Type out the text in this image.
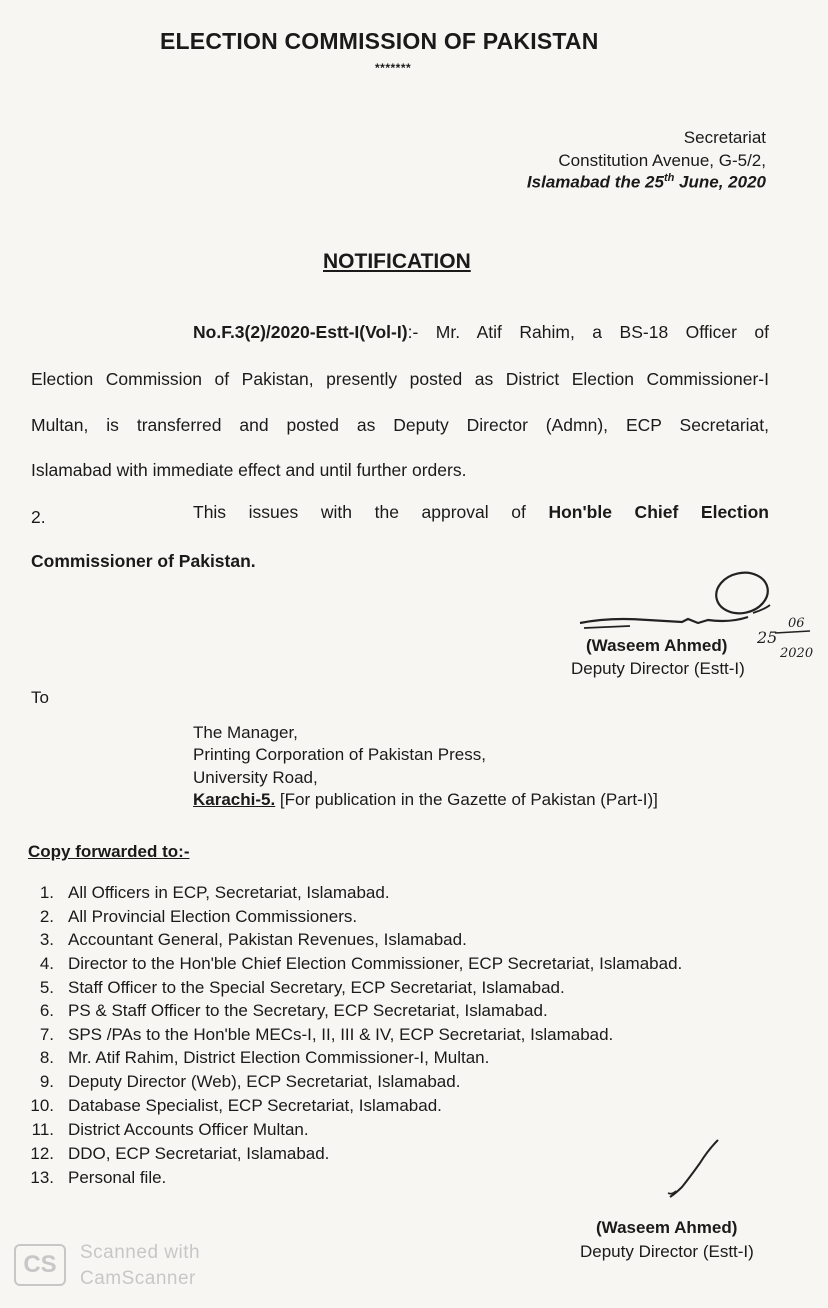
ELECTION COMMISSION OF PAKISTAN
*******
Secretariat
Constitution Avenue, G-5/2,
Islamabad the 25th June, 2020
NOTIFICATION
No.F.3(2)/2020-Estt-I(Vol-I):- Mr. Atif Rahim, a BS-18 Officer of
Election Commission of Pakistan, presently posted as District Election Commissioner-I
Multan, is transferred and posted as Deputy Director (Admn), ECP Secretariat,
Islamabad with immediate effect and until further orders.
2.	This issues with the approval of Hon'ble Chief Election
Commissioner of Pakistan.
25
06
2020
(Waseem Ahmed)
Deputy Director (Estt-I)
To
The Manager,
Printing Corporation of Pakistan Press,
University Road,
Karachi-5. [For publication in the Gazette of Pakistan (Part-I)]
Copy forwarded to:-
1. All Officers in ECP, Secretariat, Islamabad.
2. All Provincial Election Commissioners.
3. Accountant General, Pakistan Revenues, Islamabad.
4. Director to the Hon'ble Chief Election Commissioner, ECP Secretariat, Islamabad.
5. Staff Officer to the Special Secretary, ECP Secretariat, Islamabad.
6. PS & Staff Officer to the Secretary, ECP Secretariat, Islamabad.
7. SPS /PAs to the Hon'ble MECs-I, II, III & IV, ECP Secretariat, Islamabad.
8. Mr. Atif Rahim, District Election Commissioner-I, Multan.
9. Deputy Director (Web), ECP Secretariat, Islamabad.
10. Database Specialist, ECP Secretariat, Islamabad.
11. District Accounts Officer Multan.
12. DDO, ECP Secretariat, Islamabad.
13. Personal file.
(Waseem Ahmed)
Deputy Director (Estt-I)
CS	Scanned with
CamScanner
